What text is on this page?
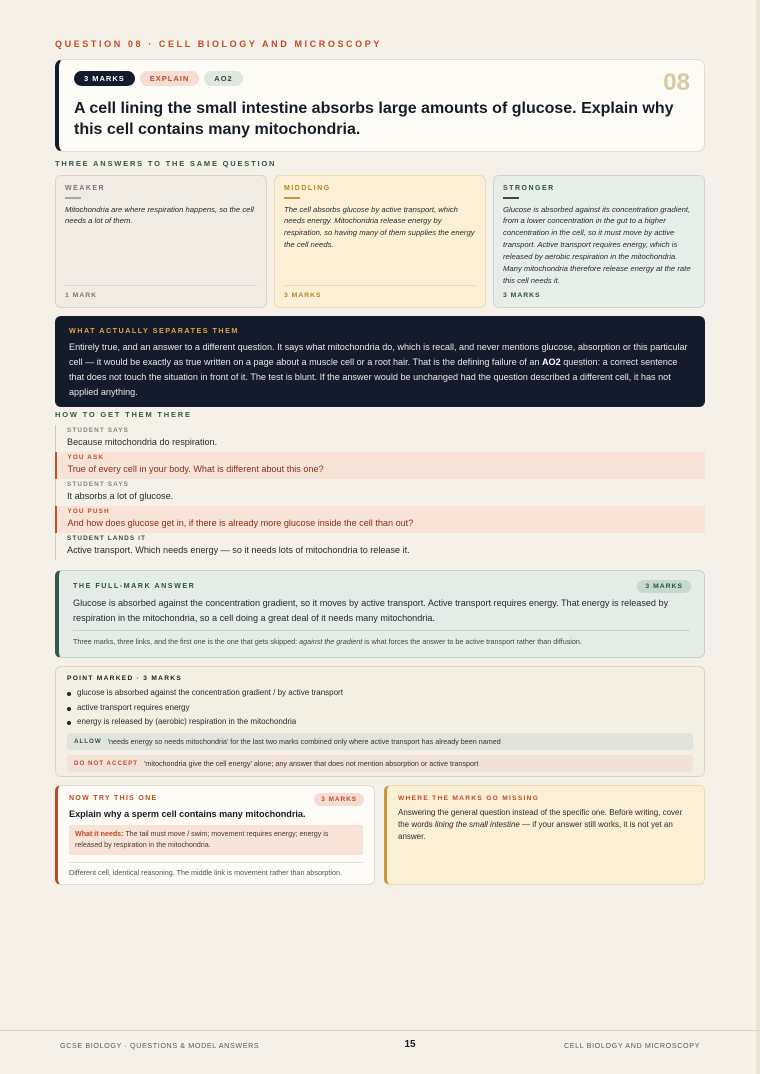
QUESTION 08 · CELL BIOLOGY AND MICROSCOPY
3 MARKS	EXPLAIN	AO2	08
A cell lining the small intestine absorbs large amounts of glucose. Explain why this cell contains many mitochondria.
THREE ANSWERS TO THE SAME QUESTION
WEAKER
Mitochondria are where respiration happens, so the cell needs a lot of them.
1 MARK
MIDDLING
The cell absorbs glucose by active transport, which needs energy. Mitochondria release energy by respiration, so having many of them supplies the energy the cell needs.
3 MARKS
STRONGER
Glucose is absorbed against its concentration gradient, from a lower concentration in the gut to a higher concentration in the cell, so it must move by active transport. Active transport requires energy, which is released by aerobic respiration in the mitochondria. Many mitochondria therefore release energy at the rate this cell needs it.
3 MARKS
WHAT ACTUALLY SEPARATES THEM
Entirely true, and an answer to a different question. It says what mitochondria do, which is recall, and never mentions glucose, absorption or this particular cell — it would be exactly as true written on a page about a muscle cell or a root hair. That is the defining failure of an AO2 question: a correct sentence that does not touch the situation in front of it. The test is blunt. If the answer would be unchanged had the question described a different cell, it has not applied anything.
HOW TO GET THEM THERE
STUDENT SAYS
Because mitochondria do respiration.
YOU ASK
True of every cell in your body. What is different about this one?
STUDENT SAYS
It absorbs a lot of glucose.
YOU PUSH
And how does glucose get in, if there is already more glucose inside the cell than out?
STUDENT LANDS IT
Active transport. Which needs energy — so it needs lots of mitochondria to release it.
THE FULL-MARK ANSWER	3 MARKS
Glucose is absorbed against the concentration gradient, so it moves by active transport. Active transport requires energy. That energy is released by respiration in the mitochondria, so a cell doing a great deal of it needs many mitochondria.
Three marks, three links, and the first one is the one that gets skipped: against the gradient is what forces the answer to be active transport rather than diffusion.
POINT MARKED · 3 MARKS
glucose is absorbed against the concentration gradient / by active transport
active transport requires energy
energy is released by (aerobic) respiration in the mitochondria
ALLOW 'needs energy so needs mitochondria' for the last two marks combined only where active transport has already been named
DO NOT ACCEPT 'mitochondria give the cell energy' alone; any answer that does not mention absorption or active transport
NOW TRY THIS ONE	3 MARKS
Explain why a sperm cell contains many mitochondria.
What it needs: The tail must move / swim; movement requires energy; energy is released by respiration in the mitochondria.
Different cell, identical reasoning. The middle link is movement rather than absorption.
WHERE THE MARKS GO MISSING
Answering the general question instead of the specific one. Before writing, cover the words lining the small intestine — if your answer still works, it is not yet an answer.
GCSE BIOLOGY · QUESTIONS & MODEL ANSWERS	15	CELL BIOLOGY AND MICROSCOPY
